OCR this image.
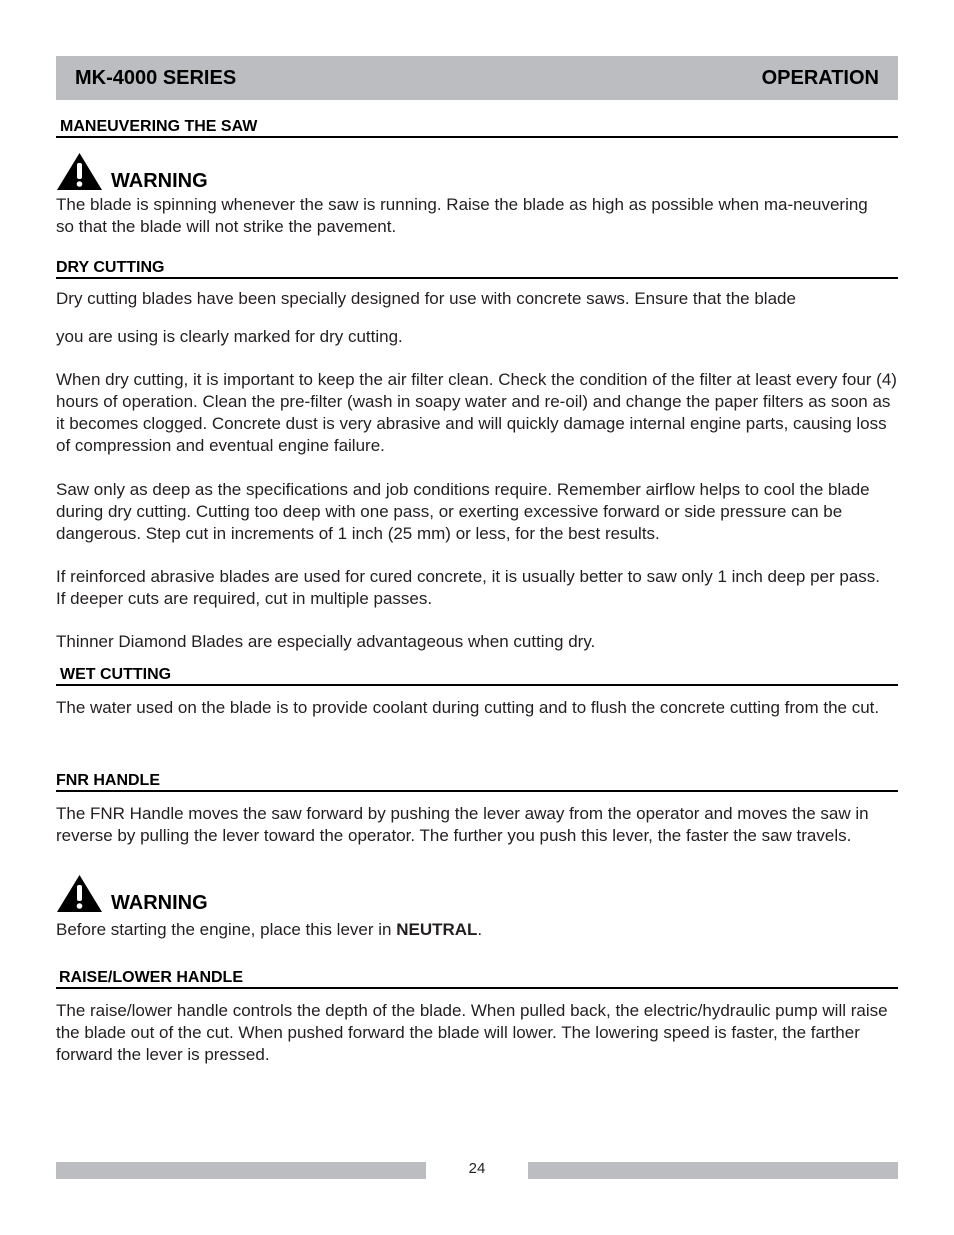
MK-4000 SERIES	OPERATION
MANEUVERING THE SAW
WARNING

The blade is spinning whenever the saw is running. Raise the blade as high as possible when ma-neuvering so that the blade will not strike the pavement.

DRY CUTTING

Dry cutting blades have been specially designed for use with concrete saws. Ensure that the blade

you are using is clearly marked for dry cutting.

When dry cutting, it is important to keep the air filter clean. Check the condition of the filter at least every four (4) hours of operation. Clean the pre-filter (wash in soapy water and re-oil) and change the paper filters as soon as it becomes clogged. Concrete dust is very abrasive and will quickly damage internal engine parts, causing loss of compression and eventual engine failure.

Saw only as deep as the specifications and job conditions require. Remember airflow helps to cool the blade during dry cutting. Cutting too deep with one pass, or exerting excessive forward or side pressure can be dangerous. Step cut in increments of 1 inch (25 mm) or less, for the best results.

If reinforced abrasive blades are used for cured concrete, it is usually better to saw only 1 inch deep per pass. If deeper cuts are required, cut in multiple passes.

Thinner Diamond Blades are especially advantageous when cutting dry.

WET CUTTING

The water used on the blade is to provide coolant during cutting and to flush the concrete cutting from the cut.

FNR HANDLE

The FNR Handle moves the saw forward by pushing the lever away from the operator and moves the saw in reverse by pulling the lever toward the operator. The further you push this lever, the faster the saw travels.

WARNING

Before starting the engine, place this lever in NEUTRAL.

RAISE/LOWER HANDLE

The raise/lower handle controls the depth of the blade. When pulled back, the electric/hydraulic pump will raise the blade out of the cut. When pushed forward the blade will lower. The lowering speed is faster, the farther forward the lever is pressed.

24
